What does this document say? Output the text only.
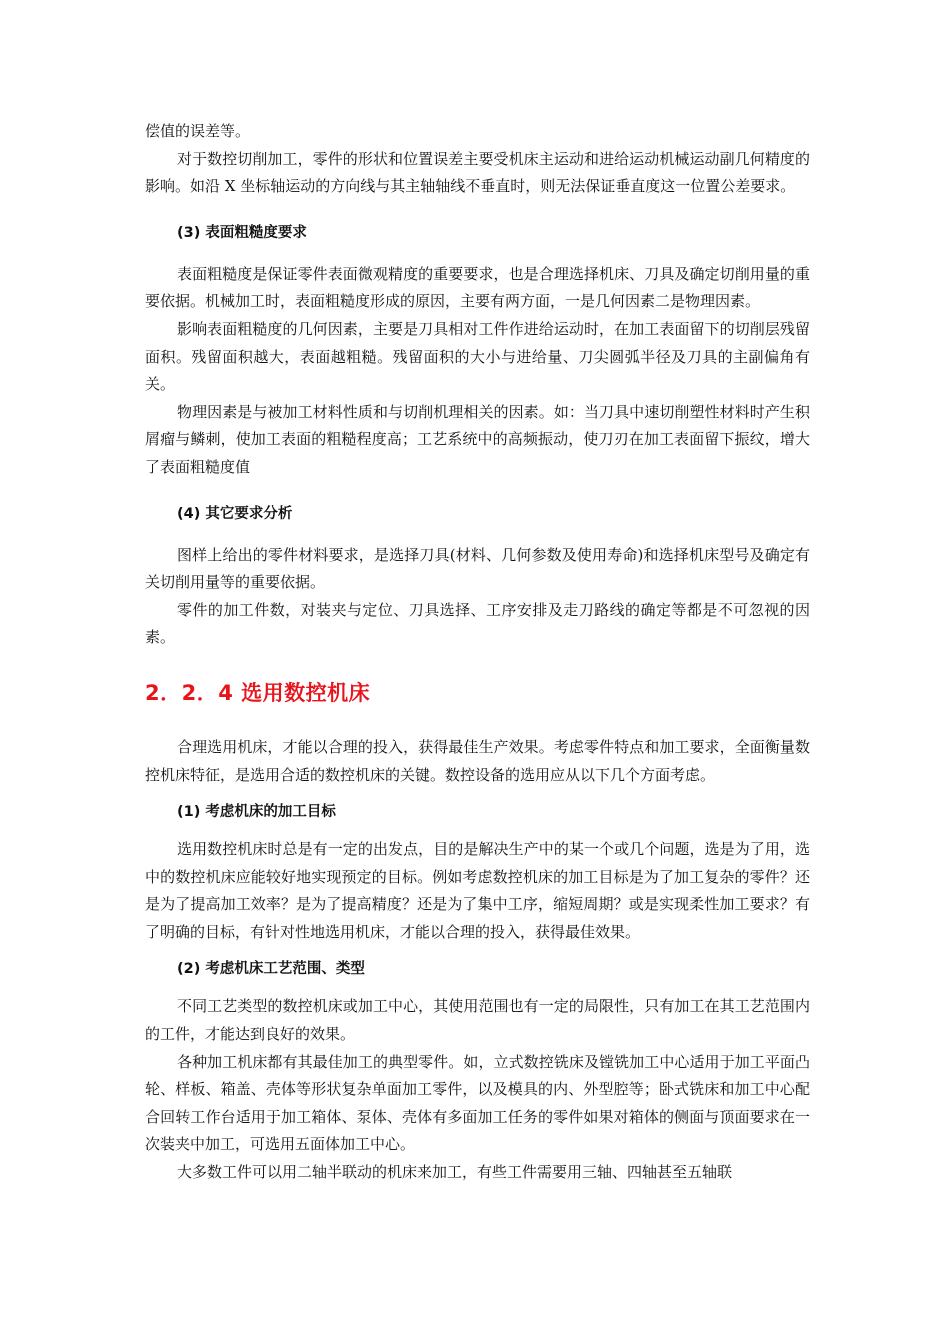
偿值的误差等。

对于数控切削加工，零件的形状和位置误差主要受机床主运动和进给运动机械运动副几何精度的影响。如沿 X 坐标轴运动的方向线与其主轴轴线不垂直时，则无法保证垂直度这一位置公差要求。

(3) 表面粗糙度要求

表面粗糙度是保证零件表面微观精度的重要要求，也是合理选择机床、刀具及确定切削用量的重要依据。机械加工时，表面粗糙度形成的原因，主要有两方面，一是几何因素二是物理因素。

影响表面粗糙度的几何因素，主要是刀具相对工件作进给运动时，在加工表面留下的切削层残留面积。残留面积越大，表面越粗糙。残留面积的大小与进给量、刀尖圆弧半径及刀具的主副偏角有关。

物理因素是与被加工材料性质和与切削机理相关的因素。如：当刀具中速切削塑性材料时产生积屑瘤与鳞刺，使加工表面的粗糙程度高；工艺系统中的高频振动，使刀刃在加工表面留下振纹，增大了表面粗糙度值

(4) 其它要求分析

图样上给出的零件材料要求，是选择刀具(材料、几何参数及使用寿命)和选择机床型号及确定有关切削用量等的重要依据。

零件的加工件数，对装夹与定位、刀具选择、工序安排及走刀路线的确定等都是不可忽视的因素。

2．2．4 选用数控机床

合理选用机床，才能以合理的投入，获得最佳生产效果。考虑零件特点和加工要求，全面衡量数控机床特征，是选用合适的数控机床的关键。数控设备的选用应从以下几个方面考虑。

(1) 考虑机床的加工目标

选用数控机床时总是有一定的出发点，目的是解决生产中的某一个或几个问题，选是为了用，选中的数控机床应能较好地实现预定的目标。例如考虑数控机床的加工目标是为了加工复杂的零件？还是为了提高加工效率？是为了提高精度？还是为了集中工序，缩短周期？或是实现柔性加工要求？有了明确的目标，有针对性地选用机床，才能以合理的投入，获得最佳效果。

(2) 考虑机床工艺范围、类型

不同工艺类型的数控机床或加工中心，其使用范围也有一定的局限性，只有加工在其工艺范围内的工件，才能达到良好的效果。

各种加工机床都有其最佳加工的典型零件。如，立式数控铣床及镗铣加工中心适用于加工平面凸轮、样板、箱盖、壳体等形状复杂单面加工零件，以及模具的内、外型腔等；卧式铣床和加工中心配合回转工作台适用于加工箱体、泵体、壳体有多面加工任务的零件如果对箱体的侧面与顶面要求在一次装夹中加工，可选用五面体加工中心。

大多数工件可以用二轴半联动的机床来加工，有些工件需要用三轴、四轴甚至五轴联
